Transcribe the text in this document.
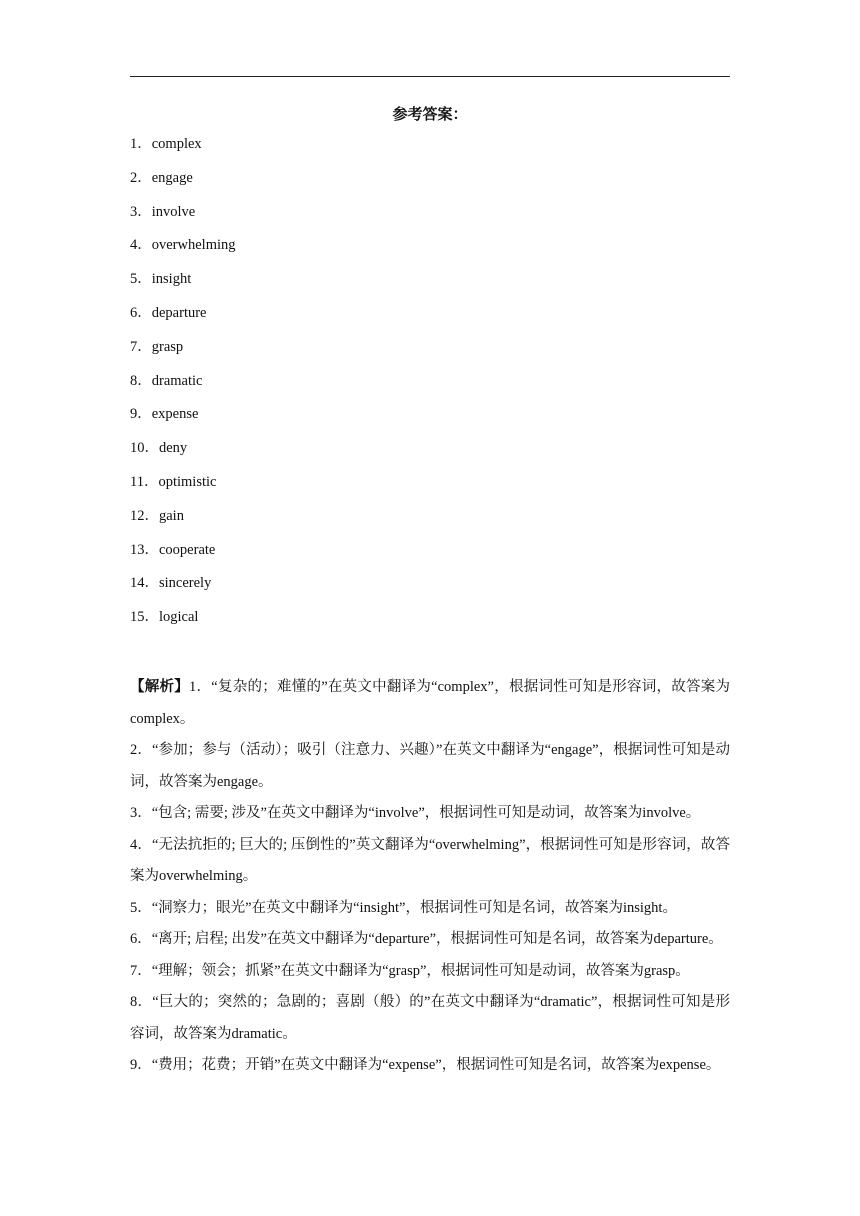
参考答案：
1．complex
2．engage
3．involve
4．overwhelming
5．insight
6．departure
7．grasp
8．dramatic
9．expense
10．deny
11．optimistic
12．gain
13．cooperate
14．sincerely
15．logical

【解析】1．“复杂的；难懂的”在英文中翻译为“complex”，根据词性可知是形容词，故答案为complex。

2．“参加；参与（活动）；吸引（注意力、兴趣）”在英文中翻译为“engage”，根据词性可知是动词，故答案为engage。

3．“包含; 需要; 涉及”在英文中翻译为“involve”，根据词性可知是动词，故答案为involve。

4．“无法抗拒的; 巨大的; 压倒性的”英文翻译为“overwhelming”，根据词性可知是形容词，故答案为overwhelming。

5．“洞察力；眼光”在英文中翻译为“insight”，根据词性可知是名词，故答案为insight。

6．“离开; 启程; 出发”在英文中翻译为“departure”，根据词性可知是名词，故答案为departure。

7．“理解；领会；抓紧”在英文中翻译为“grasp”，根据词性可知是动词，故答案为grasp。

8．“巨大的；突然的；急剧的；喜剧（般）的”在英文中翻译为“dramatic”，根据词性可知是形容词，故答案为dramatic。

9．“费用；花费；开销”在英文中翻译为“expense”，根据词性可知是名词，故答案为expense。
